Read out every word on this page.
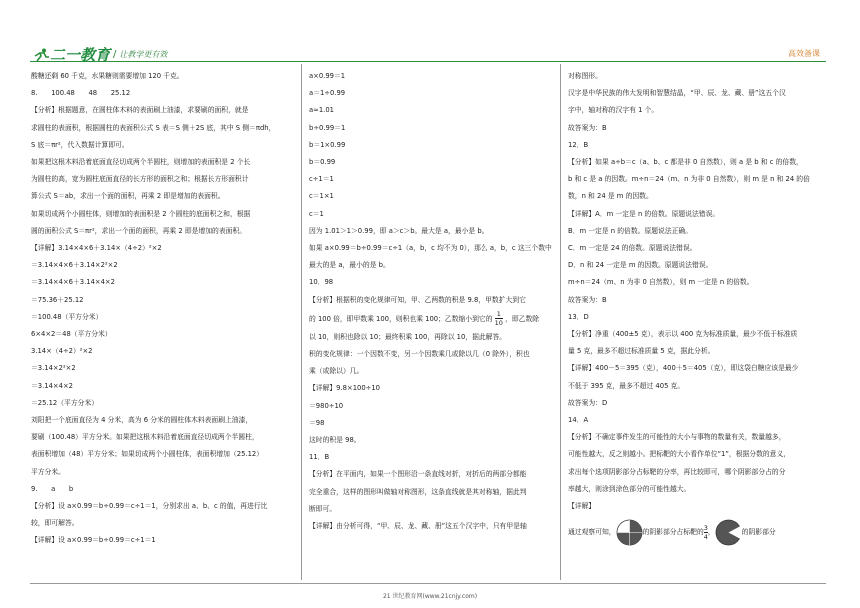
二一教育 / 让教学更有效	高效备课

酸糖还剩 60 千克，水果糖则需要增加 120 千克。

8.　　100.48　　48　　25.12

【分析】根据题意，在圆柱体木料的表面刷上油漆，求要刷的面积，就是

求圆柱的表面积，根据圆柱的表面积公式 S 表＝S 侧＋2S 底，其中 S 侧＝πdh，

S 底＝πr²，代入数据计算即可。

如果把这根木料沿着底面直径切成两个半圆柱，则增加的表面积是 2 个长

为圆柱的高，宽为圆柱底面直径的长方形的面积之和；根据长方形面积计

算公式 S＝ab，求出一个面的面积，再乘 2 即是增加的表面积。

如果切成两个小圆柱体，则增加的表面积是 2 个圆柱的底面积之和，根据

圆的面积公式 S＝πr²，求出一个面的面积，再乘 2 即是增加的表面积。

【详解】3.14×4×6＋3.14×（4÷2）²×2

＝3.14×4×6＋3.14×2²×2

＝3.14×4×6＋3.14×4×2

＝75.36＋25.12

＝100.48（平方分米）

6×4×2＝48（平方分米）

3.14×（4÷2）²×2

＝3.14×2²×2

＝3.14×4×2

＝25.12（平方分米）

刘阳把一个底面直径为 4 分米，高为 6 分米的圆柱体木料表面刷上油漆，

要刷（100.48）平方分米。如果把这根木料沿着底面直径切成两个半圆柱，

表面积增加（48）平方分米；如果切成两个小圆柱体，表面积增加（25.12）

平方分米。

9.　　a　　b

【分析】设 a×0.99＝b÷0.99＝c÷1＝1，分别求出 a、b、c 的值，再进行比

较，即可解答。

【详解】设 a×0.99＝b÷0.99＝c÷1＝1

a×0.99＝1

a＝1÷0.99

a≈1.01

b÷0.99＝1

b＝1×0.99

b＝0.99

c÷1＝1

c＝1×1

c＝1

因为 1.01＞1＞0.99，即 a＞c＞b。最大是 a，最小是 b。

如果 a×0.99＝b÷0.99＝c÷1（a，b，c 均不为 0），那么 a，b，c 这三个数中

最大的是 a，最小的是 b。

10．98

【分析】根据积的变化规律可知，甲、乙两数的积是 9.8，甲数扩大到它

的 100 倍，即甲数乘 100，则积也乘 100；乙数缩小到它的 $\frac{1}{10}$ ，即乙数除

以 10，则积也除以 10；最终积乘 100，再除以 10，据此解答。

积的变化规律：一个因数不变，另一个因数乘几或除以几（0 除外），积也

乘（或除以）几。

【详解】9.8×100÷10

＝980÷10

＝98

这时的积是 98。

11．B

【分析】在平面内，如果一个图形沿一条直线对折，对折后的两部分都能

完全重合，这样的图形叫做轴对称图形，这条直线就是其对称轴，据此判

断即可。

【详解】由分析可得，“甲、辰、龙、藏、册”这五个汉字中，只有甲是轴

对称图形。

汉字是中华民族的伟大发明和智慧结晶，“甲、辰、龙、藏、册”这五个汉

字中，轴对称的汉字有 1 个。

故答案为：B

12．B

【分析】如果 a÷b＝c（a、b、c 都是非 0 自然数），则 a 是 b 和 c 的倍数，

b 和 c 是 a 的因数。m÷n＝24（m、n 为非 0 自然数），则 m 是 n 和 24 的倍

数，n 和 24 是 m 的因数。

【详解】A．m 一定是 n 的倍数。原题说法错误。

B．m 一定是 n 的倍数。原题说法正确。

C．m 一定是 24 的倍数。原题说法错误。

D．n 和 24 一定是 m 的因数。原题说法错误。

m÷n＝24（m、n 为非 0 自然数），则 m 一定是 n 的倍数。

故答案为：B

13．D

【分析】净重（400±5 克），表示以 400 克为标准质量，最少不低于标准质

量 5 克，最多不超过标准质量 5 克，据此分析。

【详解】400－5＝395（克），400＋5＝405（克），即这袋白糖应该是最少

不低于 395 克，最多不超过 405 克。

故答案为：D

14．A

【分析】不确定事件发生的可能性的大小与事物的数量有关，数量越多，

可能性越大，反之则越小。把标靶的大小看作单位“1”，根据分数的意义，

求出每个选项阴影部分占标靶的分率，再比较即可，哪个阴影部分占的分

率越大，则涂到涂色部分的可能性越大。

【详解】

通过观察可知，	的阴影部分占标靶的 $\frac{3}{4}$ ，	的阴影部分
21 世纪教育网(www.21cnjy.com)
